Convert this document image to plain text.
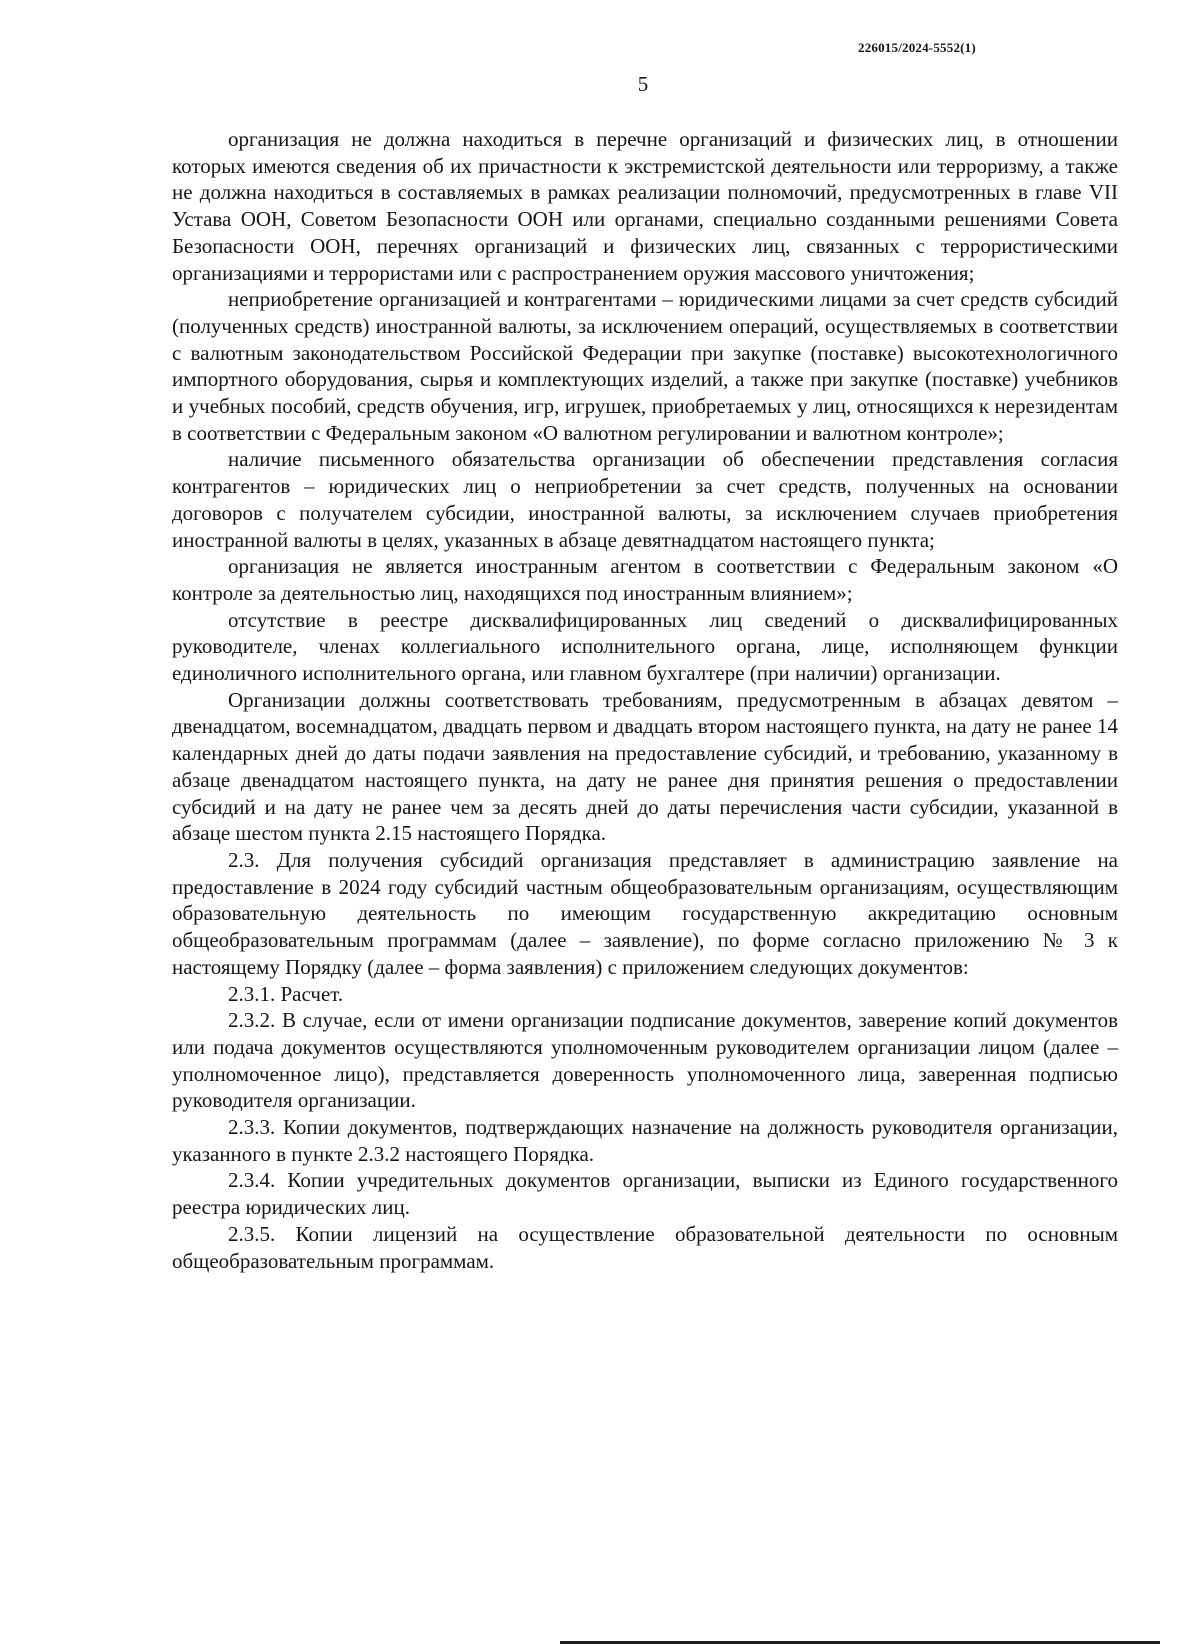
226015/2024-5552(1)
5

организация не должна находиться в перечне организаций и физических лиц, в отношении которых имеются сведения об их причастности к экстремистской деятельности или терроризму, а также не должна находиться в составляемых в рамках реализации полномочий, предусмотренных в главе VII Устава ООН, Советом Безопасности ООН или органами, специально созданными решениями Совета Безопасности ООН, перечнях организаций и физических лиц, связанных с террористическими организациями и террористами или с распространением оружия массового уничтожения;

неприобретение организацией и контрагентами – юридическими лицами за счет средств субсидий (полученных средств) иностранной валюты, за исключением операций, осуществляемых в соответствии с валютным законодательством Российской Федерации при закупке (поставке) высокотехнологичного импортного оборудования, сырья и комплектующих изделий, а также при закупке (поставке) учебников и учебных пособий, средств обучения, игр, игрушек, приобретаемых у лиц, относящихся к нерезидентам в соответствии с Федеральным законом «О валютном регулировании и валютном контроле»;

наличие письменного обязательства организации об обеспечении представления согласия контрагентов – юридических лиц о неприобретении за счет средств, полученных на основании договоров с получателем субсидии, иностранной валюты, за исключением случаев приобретения иностранной валюты в целях, указанных в абзаце девятнадцатом настоящего пункта;

организация не является иностранным агентом в соответствии с Федеральным законом «О контроле за деятельностью лиц, находящихся под иностранным влиянием»;

отсутствие в реестре дисквалифицированных лиц сведений о дисквалифицированных руководителе, членах коллегиального исполнительного органа, лице, исполняющем функции единоличного исполнительного органа, или главном бухгалтере (при наличии) организации.

Организации должны соответствовать требованиям, предусмотренным в абзацах девятом – двенадцатом, восемнадцатом, двадцать первом и двадцать втором настоящего пункта, на дату не ранее 14 календарных дней до даты подачи заявления на предоставление субсидий, и требованию, указанному в абзаце двенадцатом настоящего пункта, на дату не ранее дня принятия решения о предоставлении субсидий и на дату не ранее чем за десять дней до даты перечисления части субсидии, указанной в абзаце шестом пункта 2.15 настоящего Порядка.

2.3. Для получения субсидий организация представляет в администрацию заявление на предоставление в 2024 году субсидий частным общеобразовательным организациям, осуществляющим образовательную деятельность по имеющим государственную аккредитацию основным общеобразовательным программам (далее – заявление), по форме согласно приложению № 3 к настоящему Порядку (далее – форма заявления) с приложением следующих документов:

2.3.1. Расчет.

2.3.2. В случае, если от имени организации подписание документов, заверение копий документов или подача документов осуществляются уполномоченным руководителем организации лицом (далее – уполномоченное лицо), представляется доверенность уполномоченного лица, заверенная подписью руководителя организации.

2.3.3. Копии документов, подтверждающих назначение на должность руководителя организации, указанного в пункте 2.3.2 настоящего Порядка.

2.3.4. Копии учредительных документов организации, выписки из Единого государственного реестра юридических лиц.

2.3.5. Копии лицензий на осуществление образовательной деятельности по основным общеобразовательным программам.
